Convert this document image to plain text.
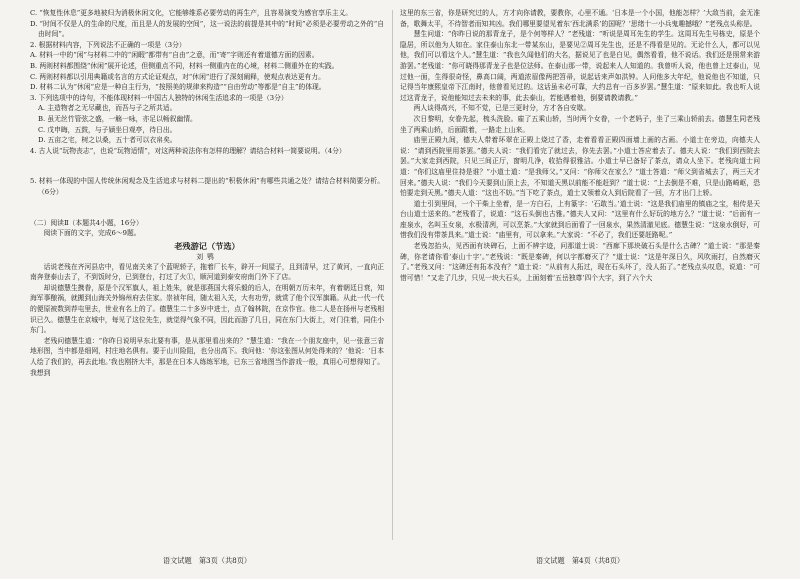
C. “恢复性休息”更多地被归为消极休闲文化，它能够维系必要劳动的再生产，且容易演变为感官享乐主义。

D. “时间不仅是人的生命的尺度，而且是人的发展的空间”，这一说法的前提是其中的“时间”必须是必要劳动之外的“自由时间”。

2. 根据材料内容，下列说法不正确的一项是（3分）

A. 材料一中的“闲”与材料二中的“闲暇”都带有“自由”之意，而“寄”字则还有着道德方面的因素。

B. 两则材料都围绕“休闲”展开论述，但侧重点不同，材料一侧重内在的心境，材料二侧重外在的实践。

C. 两则材料都以引用典籍或名言的方式论证观点，对“休闲”进行了深刻阐释，使观点表达更有力。

D. 材料二认为“休闲”应是一种自主行为，“按照美的规律来构造”“自由劳动”等都是“自主”的体现。

3. 下列选项中的诗句，不能体现材料一中国古人独特的休闲生活追求的一项是（3分）

A. 主造物者之无尽藏也，而吾与子之所共适。

B. 虽无丝竹管弦之盛，一觞一咏，亦足以畅叙幽情。

C. 戊申晦，五鼓，与子颍坐日观亭，待日出。

D. 五亩之宅，树之以桑，五十者可以衣帛矣。

4. 古人说“玩物丧志”，也说“玩物适情”，对这两种说法你有怎样的理解？请结合材料一简要说明。（4分）

5. 材料一体现的中国人传统休闲观念及生活追求与材料二提出的“积极休闲”有哪些共通之处？请结合材料简要分析。（6分）

（二）阅读Ⅱ（本题共4小题，16分）

阅读下面的文字，完成6～9题。

老残游记（节选）

刘鹗

话说老残在齐河县店中，看见南关来了个蓝呢轿子，拖着厂长车，辟开一间屋子，且到清早，过了黄河，一直向正南奔登泰山去了，不到饭时分，已到登台，打过了火①，顺河道到泰安府南门外下了店。

却说德慧生携眷，原是个汉军旗人，祖上姓朱，就是那燕国大将乐毅的后人，在明朝万历末年，有着朝廷日衰，知海军事酿祸，就搬到山海关外锦州府去住家。崇祯年间，随太祖入关，大有功劳，就赏了他个汉军旗籍。从此一代一代的便原被数到荐屯里去，世业有名上的了。德慧生二十多岁中进士，点了翰林院，在京作官。他二人是在扬州与老残相识已久。德慧生在京城中，每见了这位先生，就觉得气象不同，因此而游了几日，同在东门大街上，对门住着，同住小东门。

老残问德慧生道：“你昨日说明早东北要有事，是从那里看出来的？”慧生道：“我在一个朋友座中，见一张意三省地形图，当中都是细网，村庄地名俱有。要于山川险阻，也分出高下。我问他：‘你这张图从何处得来的？’他说：‘日本人绘了我们的，再去此地。’我也刚挤大半，那是在日本人练练军地，已东三省地图当作游戏一般，真用心可想得知了。我想到

这里的东三省，你是研究过的人，方才向你请教，要教你，心里不通。‘日本是一个小国，他能怎样？’大敌当前，金无准备，歌舞太平，不待智者而知其凶。我们哪里要望见着东‘西北满系’的国呢？’思绪十一小兵鬼趣撼哦？”老残点头称是。

慧生问道：“你昨日说的那青龙子，是个何等样人？”老残道：“听说是周耳先生的学生。这周耳先生号栋史，原是个隐居，所以他为人如在。家住泰山东北一带某东山，是要见②周耳先生也，还是不得看是见的。无论什么人，都可以见他，我们可以看这个人。”慧生道：“我也久闻他们的大名，据说见了也是白见，偶然看看，他不说话。我们还是照常来游游罢。”老残道：“你可晓得那青龙子也是位法师。在泰山那一带，说起来人人知道的。我曾听人说，他也曾上过泰山，见过他一面，生得很奇怪，鼻高口阔，两道浓眉像两把笤帚，说起话来声如洪钟。人问他多大年纪，他说他也不知道，只记得当年康熙皇帝下江南时，他曾看见过的。这话虽未必可靠，大约总有一百多岁罢。”慧生道：“原来如此。我也听人说过这青龙子，说他能知过去未来的事，此去泰山，若能遇着他，倒要请教请教。”

两人谈得高兴，不知不觉，已是三更时分，方才各自安歇。

次日黎明，女眷先起，梳头洗脸。雇了五乘山轿，当时两个女眷，一个老妈子，坐了三乘山轿前去。德慧生同老残坐了两乘山轿，后面跟着，一路走上山来。

庙里正殿九间，德夫人带着环翠在正殿上烧过了香，走着看看正殿四面墙上画的古画。小道士在旁边，向德夫人说：“请到西院里用茶罢。”德夫人说：“我们看完了就过去，你先去罢。”小道士答应着去了。德夫人说：“我们到西院去罢。”大家走到西院，只见三间正厅，窗明几净，收拾得很雅洁。小道士早已备好了茶点，请众人坐下。老残向道士问道：“你们这庙里住持是谁？”小道士道：“是我师父。”又问：“你师父在家么？”道士答道：“师父到省城去了，两三天才回来。”德夫人说：“我们今天要到山顶上去，不知道天黑以前能不能赶到？”道士说：“上去倒是不难，只是山路崎岖，恐怕要走到天黑。”德夫人道：“这也不妨。”当下吃了茶点，道士又领着众人到后院看了一回，方才出门上轿。

道士引到里间，一个干柴上坐着，是一方白石，上有篆字：‘石敢当。’道士说：“这是我们庙里的镇庙之宝，相传是天台山道士送来的。”老残看了，说道：“这石头倒也古雅。”德夫人又问：“这里有什么好玩的地方么？”道士说：“后面有一座泉水，名叫玉女泉，水极清冽，可以烹茶。”大家就到后面看了一回泉水，果然清澈见底。德慧生说：“这泉水倒好，可惜我们没有带茶具来。”道士说：“庙里有，可以拿来。”大家说：“不必了，我们还要赶路呢。”

老残忽抬头，见西面有块碑石，上面不辨字迹，问那道士说：“西廊下那块破石头是什么古碑？”道士说：“那是秦碑，你老请你看‘泰山十字’。”老残说：“既是秦碑，何以字都磨灭了？”道士说：“这是年深日久，风吹雨打，自然磨灭了。”老残又问：“这碑还有拓本没有？”道士说：“从前有人拓过，现在石头坏了，没人拓了。”老残点头叹息，说道：“可惜可惜！”又走了几步，只见一块大石头，上面刻着‘五岳独尊’四个大字，到了六个大

语文试题　第3页（共8页）	语文试题　第4页（共8页）
